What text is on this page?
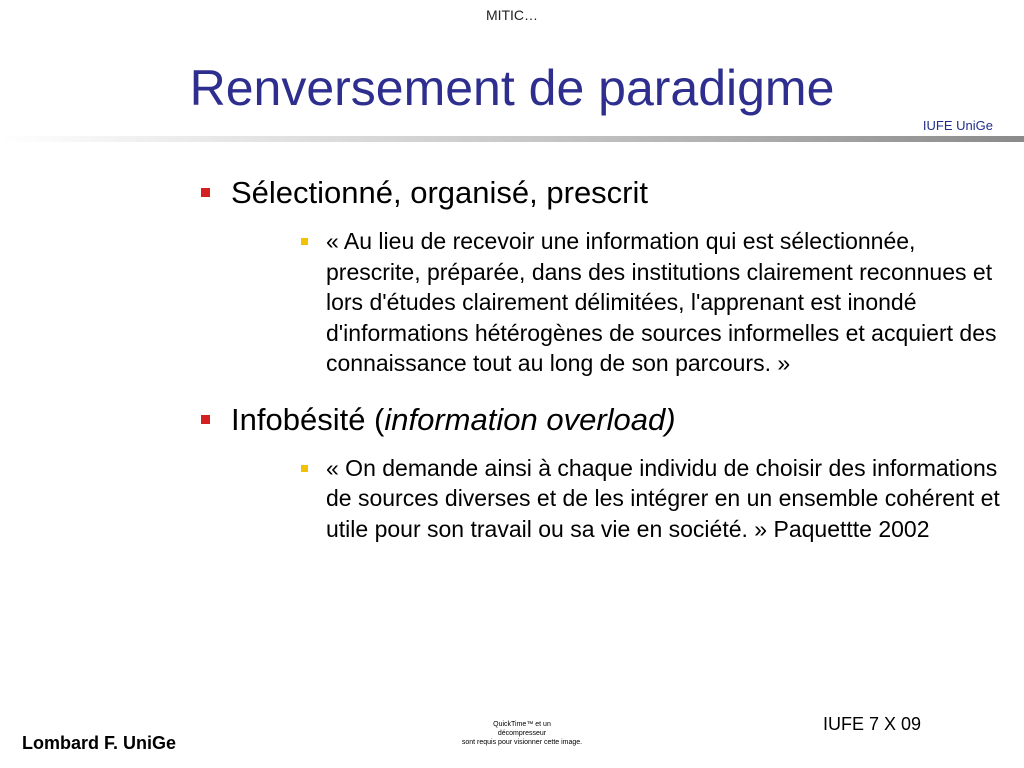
MITIC…
Renversement de paradigme
IUFE UniGe
Sélectionné, organisé, prescrit
« Au lieu de recevoir une information qui est sélectionnée, prescrite, préparée, dans des institutions clairement reconnues et lors d'études clairement délimitées, l'apprenant est inondé d'informations hétérogènes de sources informelles et acquiert des connaissance tout au long de son parcours. »
Infobésité (information overload)
« On demande ainsi à chaque individu de choisir des informations de sources diverses et de les intégrer en un ensemble cohérent et utile pour son travail ou sa vie en société. » Paquettte 2002
QuickTime™ et un
décompresseur
sont requis pour visionner cette image.
IUFE 7 X 09
Lombard F. UniGe
